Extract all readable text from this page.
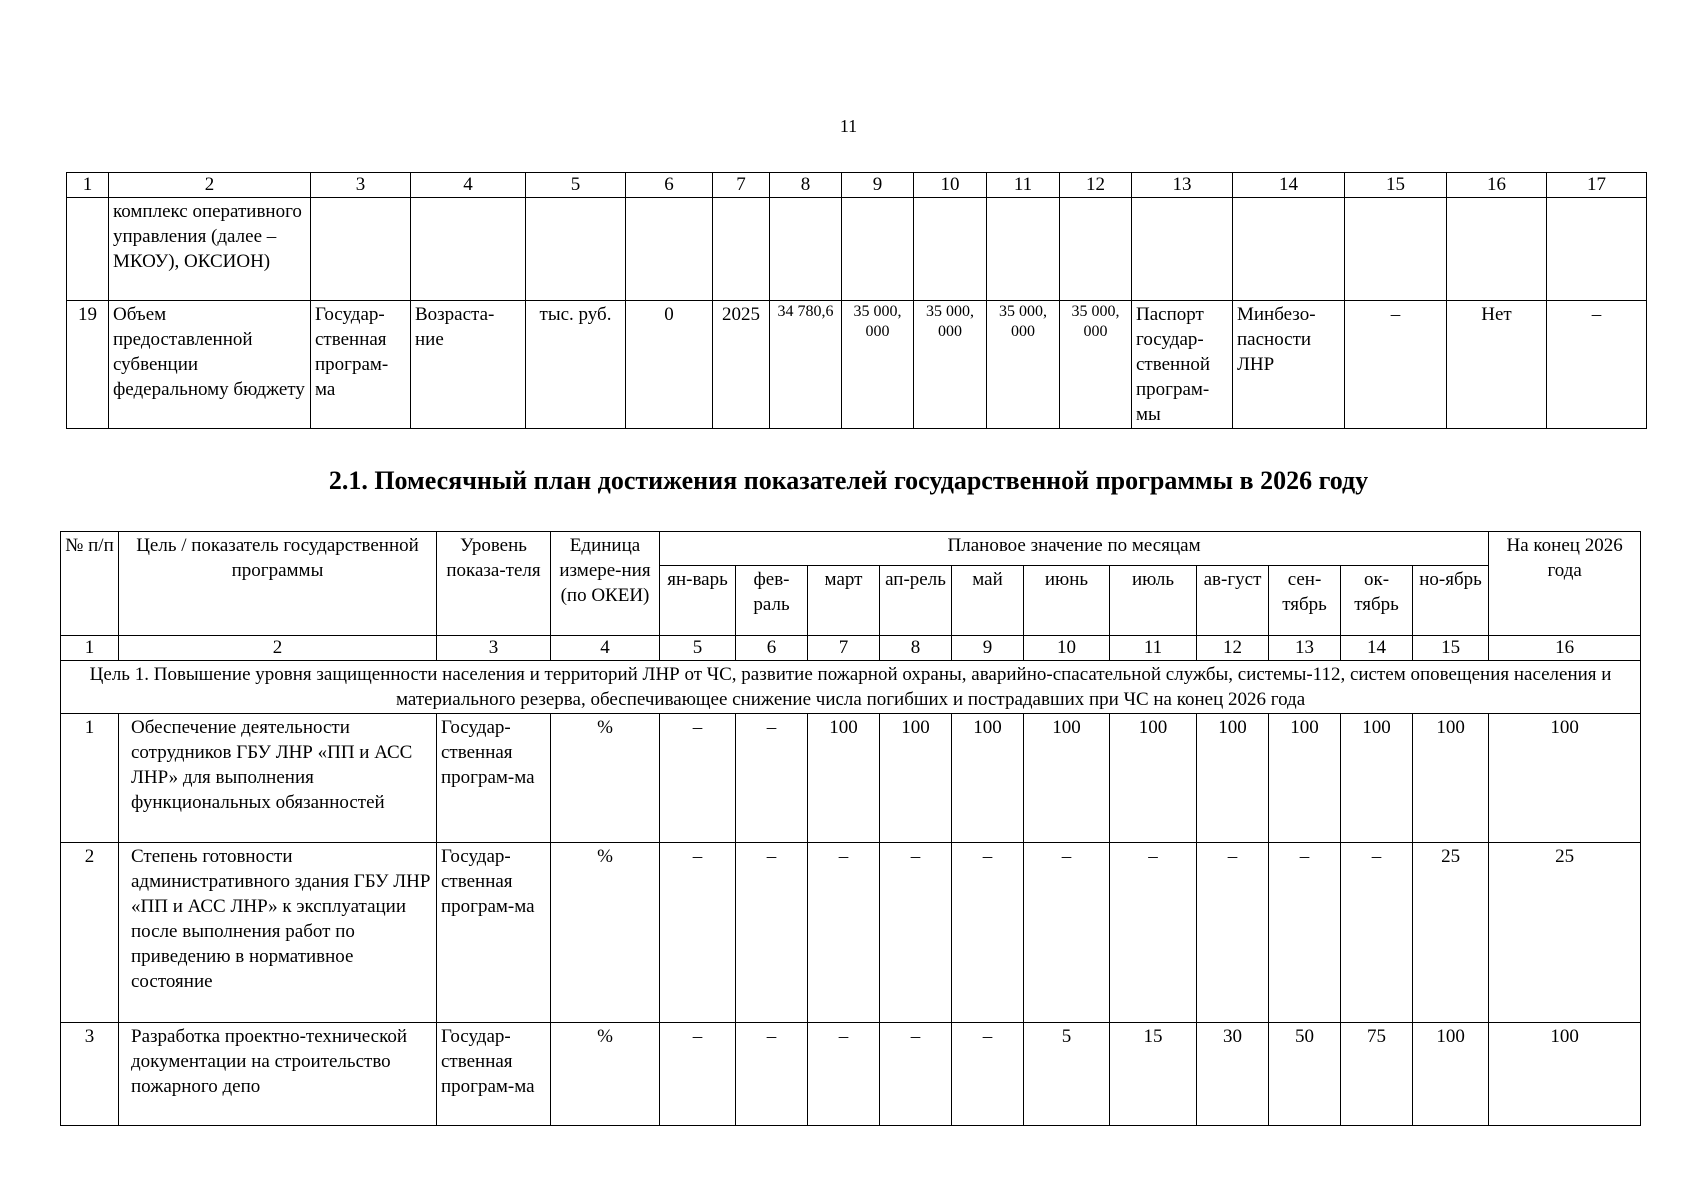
11
1	2	3	4	5	6	7	8	9	10	11	12	13	14	15	16	17
	комплекс оперативного управления (далее – МКОУ), ОКСИОН)															
19	Объем предоставленной субвенции федеральному бюджету	Государ-ственная програм-ма	Возраста-ние	тыс. руб.	0	2025	34 780,6	35 000, 000	35 000, 000	35 000, 000	35 000, 000	Паспорт государ-ственной програм-мы	Минбезо-пасности ЛНР	–	Нет	–
2.1. Помесячный план достижения показателей государственной программы в 2026 году
№ п/п	Цель / показатель государственной программы	Уровень показа-теля	Единица измере-ния (по ОКЕИ)	Плановое значение по месяцам											На конец 2026 года
				ян-варь	фев-раль	март	ап-рель	май	июнь	июль	ав-густ	сен-тябрь	ок-тябрь	но-ябрь	
1	2	3	4	5	6	7	8	9	10	11	12	13	14	15	16
Цель 1. Повышение уровня защищенности населения и территорий ЛНР от ЧС, развитие пожарной охраны, аварийно-спасательной службы, системы-112, систем оповещения населения и материального резерва, обеспечивающее снижение числа погибших и пострадавших при ЧС на конец 2026 года															
1	Обеспечение деятельности сотрудников ГБУ ЛНР «ПП и АСС ЛНР» для выполнения функциональных обязанностей	Государ-ственная програм-ма	%	–	–	100	100	100	100	100	100	100	100	100	100
2	Степень готовности административного здания ГБУ ЛНР «ПП и АСС ЛНР» к эксплуатации после выполнения работ по приведению в нормативное состояние	Государ-ственная програм-ма	%	–	–	–	–	–	–	–	–	–	–	25	25
3	Разработка проектно-технической документации на строительство пожарного депо	Государ-ственная програм-ма	%	–	–	–	–	–	5	15	30	50	75	100	100
